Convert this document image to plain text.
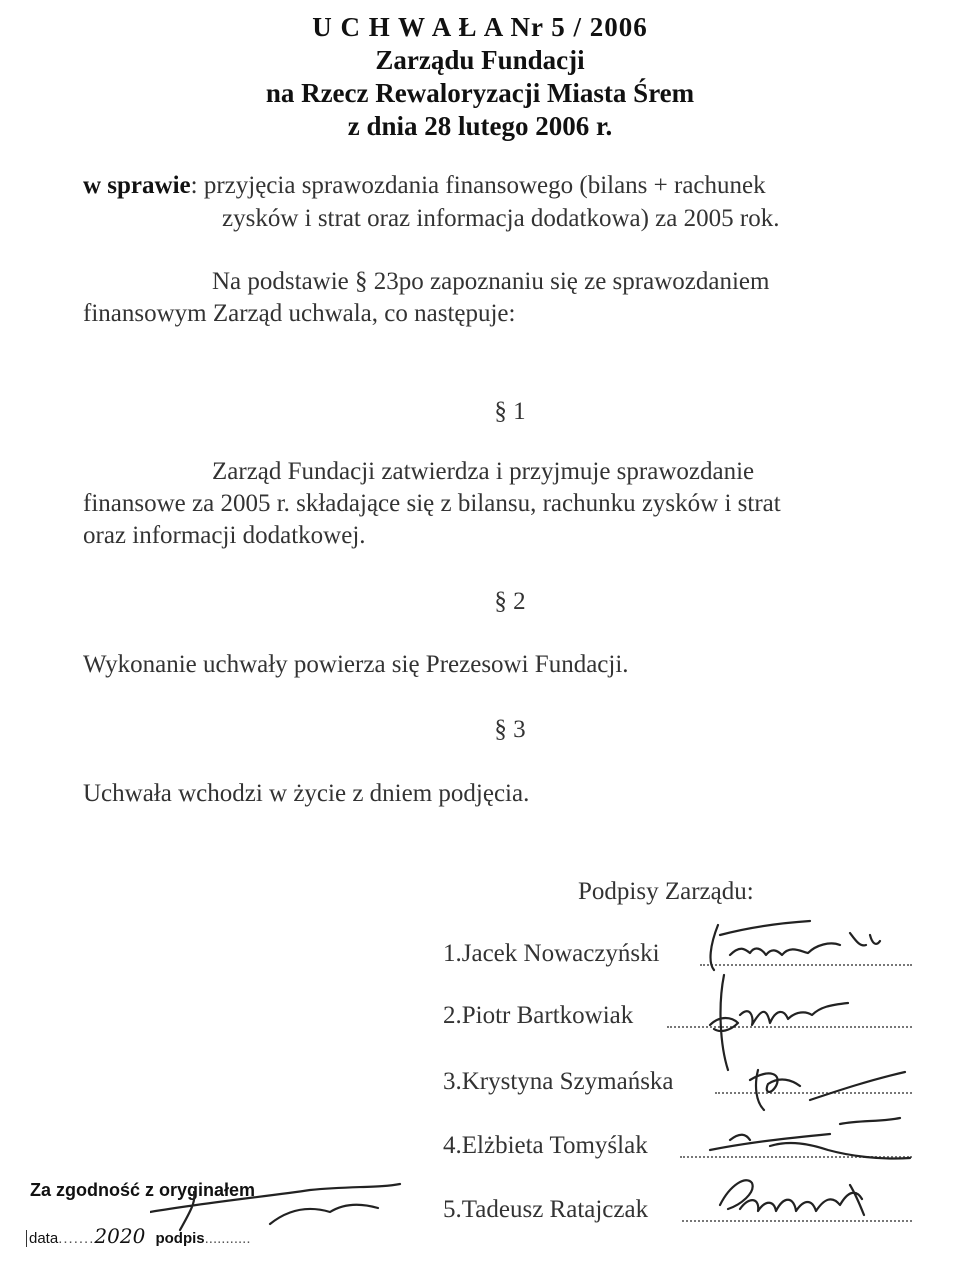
U C H W A Ł A Nr 5 / 2006
Zarządu Fundacji
na Rzecz Rewaloryzacji Miasta Śrem
z dnia 28 lutego 2006 r.
w sprawie: przyjęcia sprawozdania finansowego (bilans + rachunek
zysków i strat oraz informacja dodatkowa) za 2005 rok.
Na podstawie § 23po zapoznaniu się ze sprawozdaniem
finansowym Zarząd uchwala, co następuje:
§ 1
Zarząd Fundacji zatwierdza i przyjmuje sprawozdanie
finansowe za 2005 r. składające się z bilansu, rachunku zysków i strat
oraz informacji dodatkowej.
§ 2
Wykonanie uchwały powierza się Prezesowi Fundacji.
§ 3
Uchwała wchodzi w życie z dniem podjęcia.
Podpisy Zarządu:
1.Jacek Nowaczyński
2.Piotr Bartkowiak
3.Krystyna Szymańska
4.Elżbieta Tomyślak
5.Tadeusz Ratajczak
Za zgodność z oryginałem
data.......2020 podpis...........
